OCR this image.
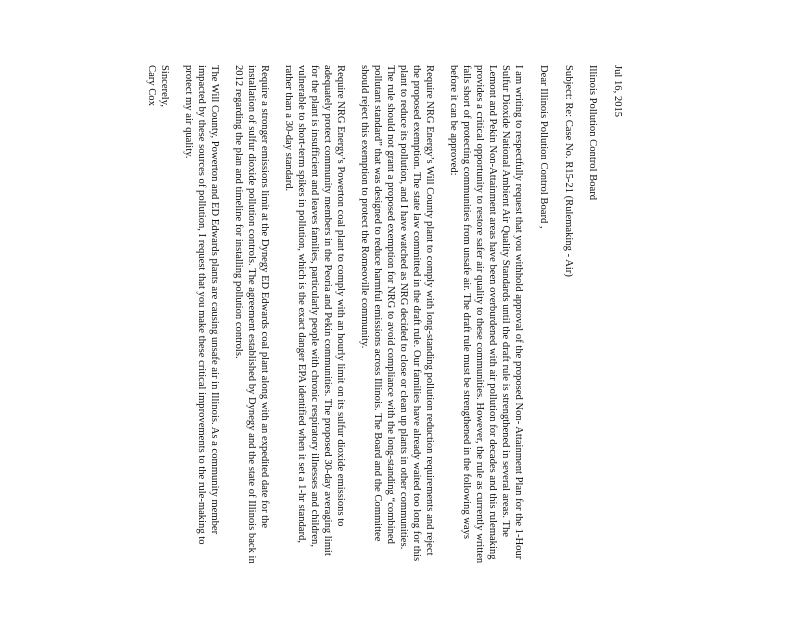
Jul 16, 2015

Illinois Pollution Control Board

Subject: Re: Case No. R15-21 (Rulemaking - Air)

Dear Illinois Pollution Control Board ,

I am writing to respectfully request that you withhold approval of the proposed Non- Attainment Plan for the 1-Hour Sulfur Dioxide National Ambient Air Quality Standards until the draft rule is strengthened in several areas. The Lemont and Pekin Non-Attainment areas have been overburdened with air pollution for decades and this rulemaking provides a critical opportunity to restore safer air quality to these communities. However, the rule as currently written falls short of protecting communities from unsafe air. The draft rule must be strengthened in the following ways before it can be approved:

Require NRG Energy’s Will County plant to comply with long-standing pollution reduction requirements and reject the proposed exemption. The state law committed in the draft rule. Our families have already waited too long for this plant to reduce its pollution, and I have watched as NRG decided to close or clean up plants in other communities. The rule should not grant a proposed exemption for NRG to avoid compliance with the long-standing “combined pollutant standard” that was designed to reduce harmful emissions across Illinois. The Board and the Committee should reject this exemption to protect the Romeoville community.

Require NRG Energy’s Powerton coal plant to comply with an hourly limit on its sulfur dioxide emissions to adequately protect community members in the Peoria and Pekin communities. The proposed 30-day averaging limit for the plant is insufficient and leaves families, particularly people with chronic respiratory illnesses and children, vulnerable to short-term spikes in pollution, which is the exact danger EPA identified when it set a 1-hr standard, rather than a 30-day standard.

Require a stronger emissions limit at the Dynegy ED Edwards coal plant along with an expedited date for the installation of sulfur dioxide pollution controls. The agreement established by Dynegy and the state of Illinois back in 2012 regarding the plan and timeline for installing pollution controls.

The Will County, Powerton and ED Edwards plants are causing unsafe air in Illinois. As a community member impacted by these sources of pollution, I request that you make these critical improvements to the rule-making to protect my air quality.

Sincerely,

Cary Cox
